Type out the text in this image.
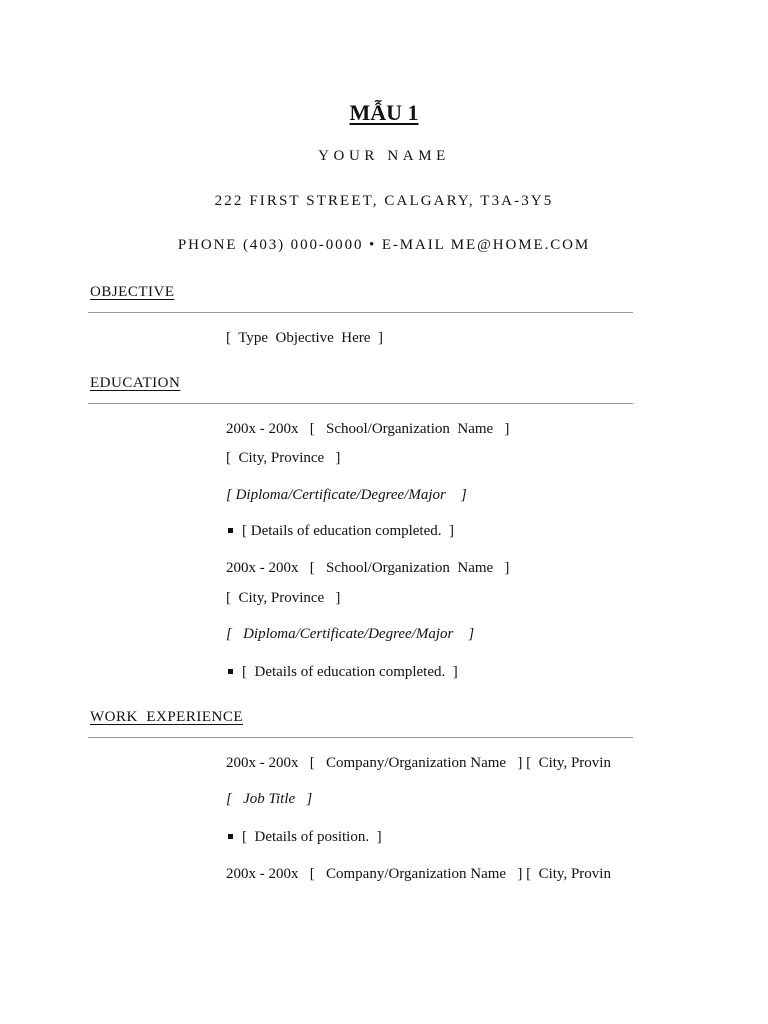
MẪU 1
YOUR NAME
222 FIRST STREET, CALGARY, T3A-3Y5
PHONE (403) 000-0000 • E-MAIL ME@HOME.COM
OBJECTIVE
[  Type  Objective  Here  ]
EDUCATION
200x - 200x   [   School/Organization  Name   ]
[  City, Province   ]
[ Diploma/Certificate/Degree/Major    ]
[ Details of education completed.  ]
200x - 200x   [   School/Organization  Name   ]
[  City, Province   ]
[   Diploma/Certificate/Degree/Major    ]
[  Details of education completed.  ]
WORK  EXPERIENCE
200x - 200x   [   Company/Organization Name   ] [  City, Provin
[   Job Title   ]
[  Details of position.  ]
200x - 200x   [   Company/Organization Name   ] [  City, Provin
